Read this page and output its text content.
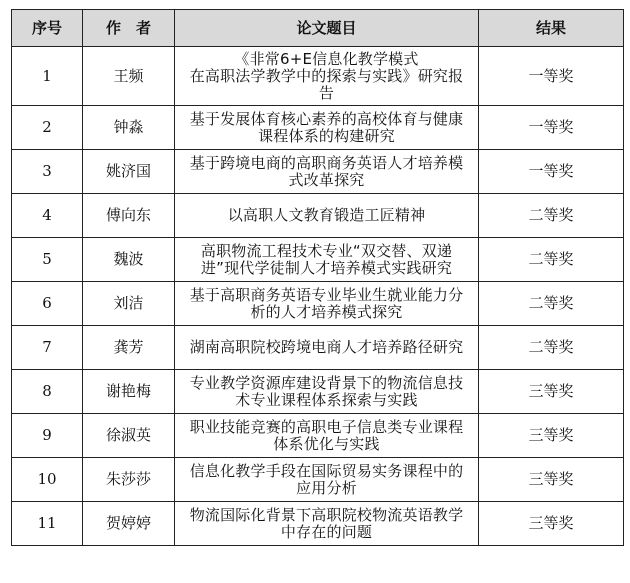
序号	作　者	论文题目	结果
1	王频	《非常6+E信息化教学模式
在高职法学教学中的探索与实践》研究报
告	一等奖
2	钟淼	基于发展体育核心素养的高校体育与健康
课程体系的构建研究	一等奖
3	姚济国	基于跨境电商的高职商务英语人才培养模
式改革探究	一等奖
4	傅向东	以高职人文教育锻造工匠精神	二等奖
5	魏波	高职物流工程技术专业“双交替、双递
进”现代学徒制人才培养模式实践研究	二等奖
6	刘洁	基于高职商务英语专业毕业生就业能力分
析的人才培养模式探究	二等奖
7	龚芳	湖南高职院校跨境电商人才培养路径研究	二等奖
8	谢艳梅	专业教学资源库建设背景下的物流信息技
术专业课程体系探索与实践	三等奖
9	徐淑英	职业技能竞赛的高职电子信息类专业课程
体系优化与实践	三等奖
10	朱莎莎	信息化教学手段在国际贸易实务课程中的
应用分析	三等奖
11	贺婷婷	物流国际化背景下高职院校物流英语教学
中存在的问题	三等奖
